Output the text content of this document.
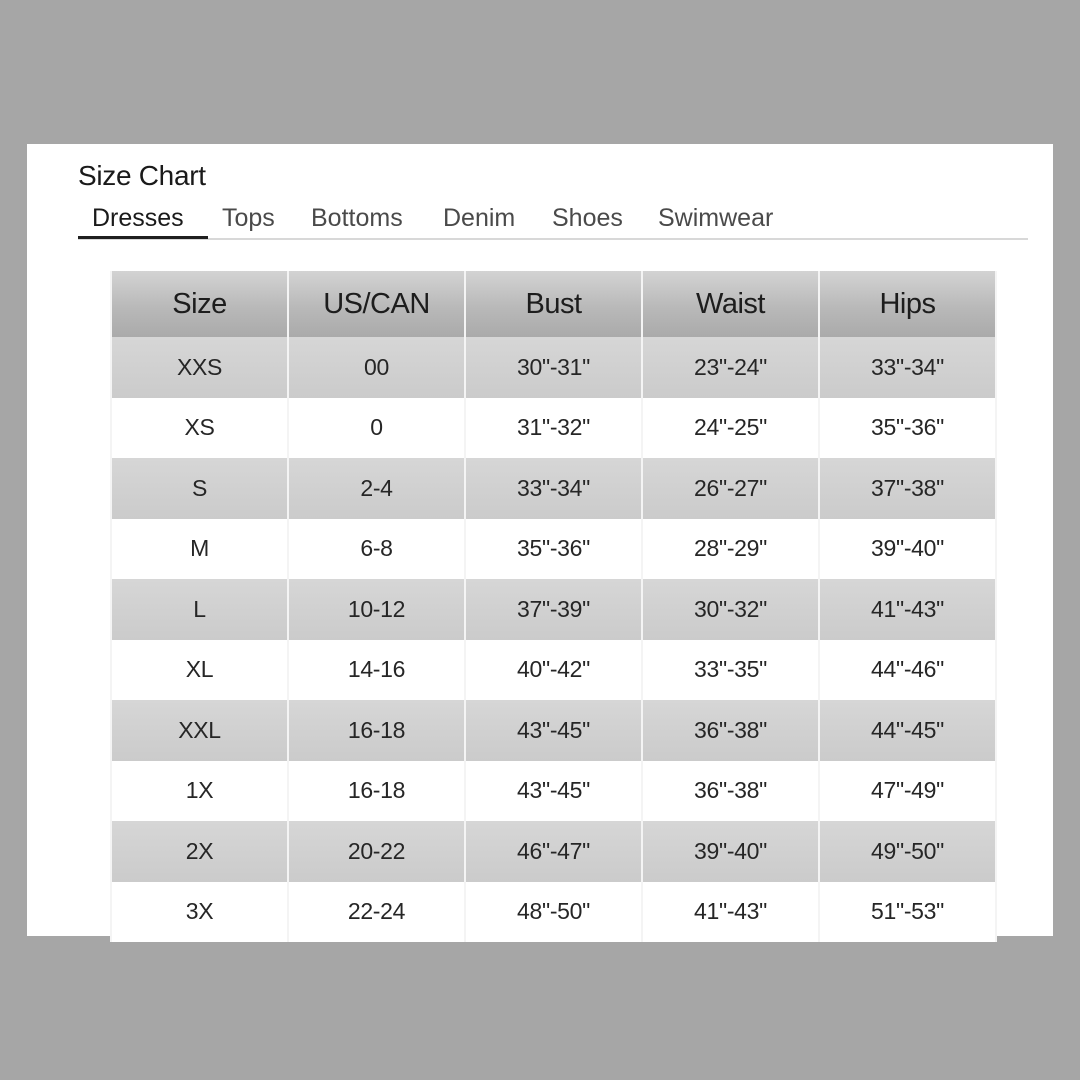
Size Chart
Dresses Tops Bottoms Denim Shoes Swimwear
Size	US/CAN	Bust	Waist	Hips
XXS	00	30"-31"	23"-24"	33"-34"
XS	0	31"-32"	24"-25"	35"-36"
S	2-4	33"-34"	26"-27"	37"-38"
M	6-8	35"-36"	28"-29"	39"-40"
L	10-12	37"-39"	30"-32"	41"-43"
XL	14-16	40"-42"	33"-35"	44"-46"
XXL	16-18	43"-45"	36"-38"	44"-45"
1X	16-18	43"-45"	36"-38"	47"-49"
2X	20-22	46"-47"	39"-40"	49"-50"
3X	22-24	48"-50"	41"-43"	51"-53"
